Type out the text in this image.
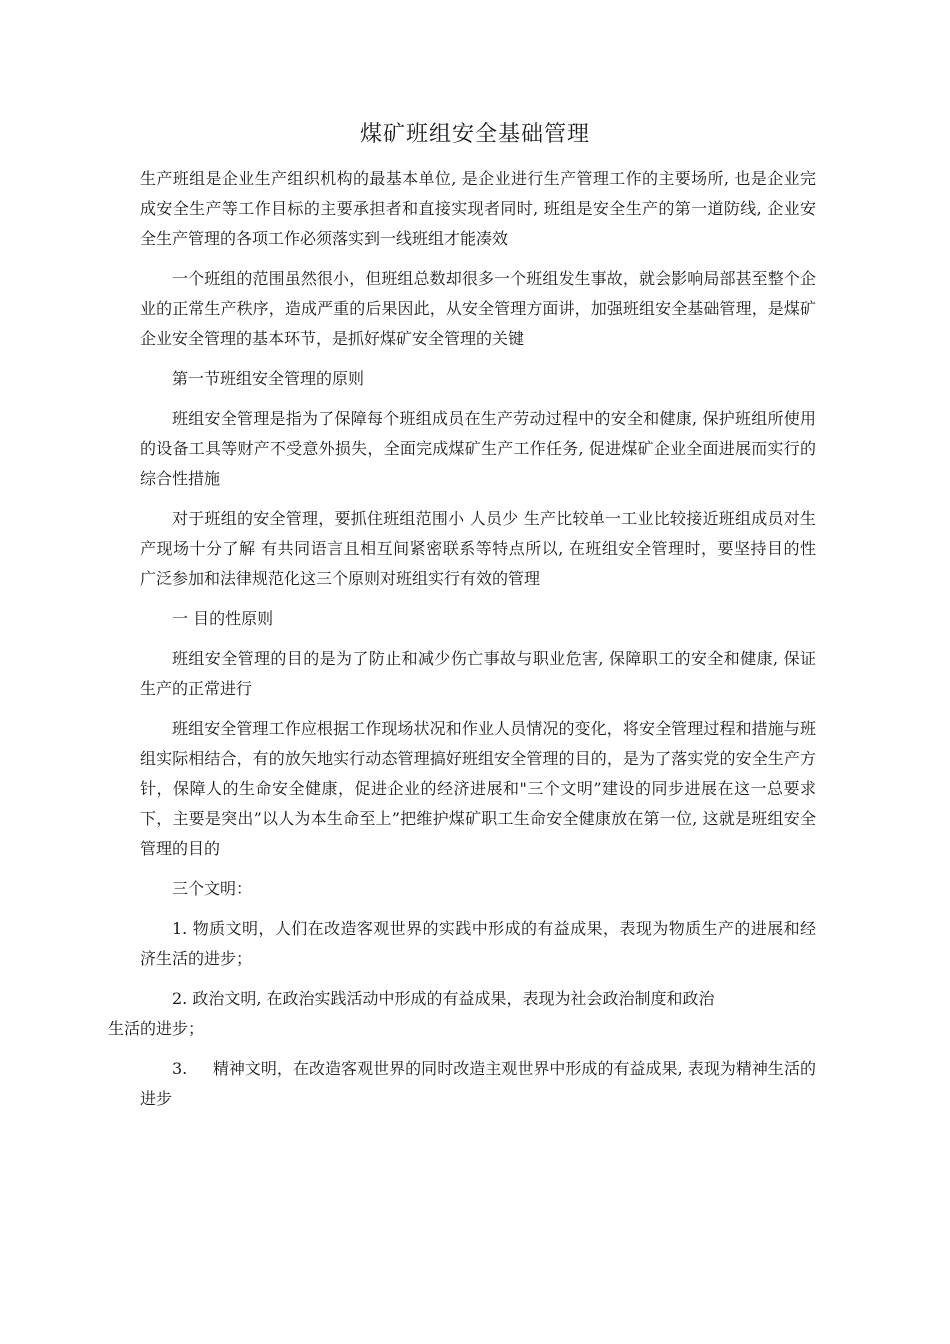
煤矿班组安全基础管理

生产班组是企业生产组织机构的最基本单位, 是企业进行生产管理工作的主要场所, 也是企业完成安全生产等工作目标的主要承担者和直接实现者同时, 班组是安全生产的第一道防线, 企业安全生产管理的各项工作必须落实到一线班组才能凑效

一个班组的范围虽然很小，但班组总数却很多一个班组发生事故，就会影响局部甚至整个企业的正常生产秩序，造成严重的后果因此，从安全管理方面讲，加强班组安全基础管理，是煤矿企业安全管理的基本环节，是抓好煤矿安全管理的关键

第一节班组安全管理的原则

班组安全管理是指为了保障每个班组成员在生产劳动过程中的安全和健康, 保护班组所使用的设备工具等财产不受意外损失，全面完成煤矿生产工作任务, 促进煤矿企业全面进展而实行的综合性措施

对于班组的安全管理，要抓住班组范围小 人员少 生产比较单一工业比较接近班组成员对生产现场十分了解 有共同语言且相互间紧密联系等特点所以, 在班组安全管理时，要坚持目的性 广泛参加和法律规范化这三个原则对班组实行有效的管理

一 目的性原则

班组安全管理的目的是为了防止和减少伤亡事故与职业危害, 保障职工的安全和健康, 保证生产的正常进行

班组安全管理工作应根据工作现场状况和作业人员情况的变化，将安全管理过程和措施与班组实际相结合，有的放矢地实行动态管理搞好班组安全管理的目的，是为了落实党的安全生产方针，保障人的生命安全健康，促进企业的经济进展和"三个文明”建设的同步进展在这一总要求下，主要是突出”以人为本生命至上”把维护煤矿职工生命安全健康放在第一位, 这就是班组安全管理的目的

三个文明：

1. 物质文明，人们在改造客观世界的实践中形成的有益成果，表现为物质生产的进展和经济生活的进步；

2. 政治文明, 在政治实践活动中形成的有益成果，表现为社会政治制度和政治
生活的进步；

3. 精神文明，在改造客观世界的同时改造主观世界中形成的有益成果, 表现为精神生活的进步
